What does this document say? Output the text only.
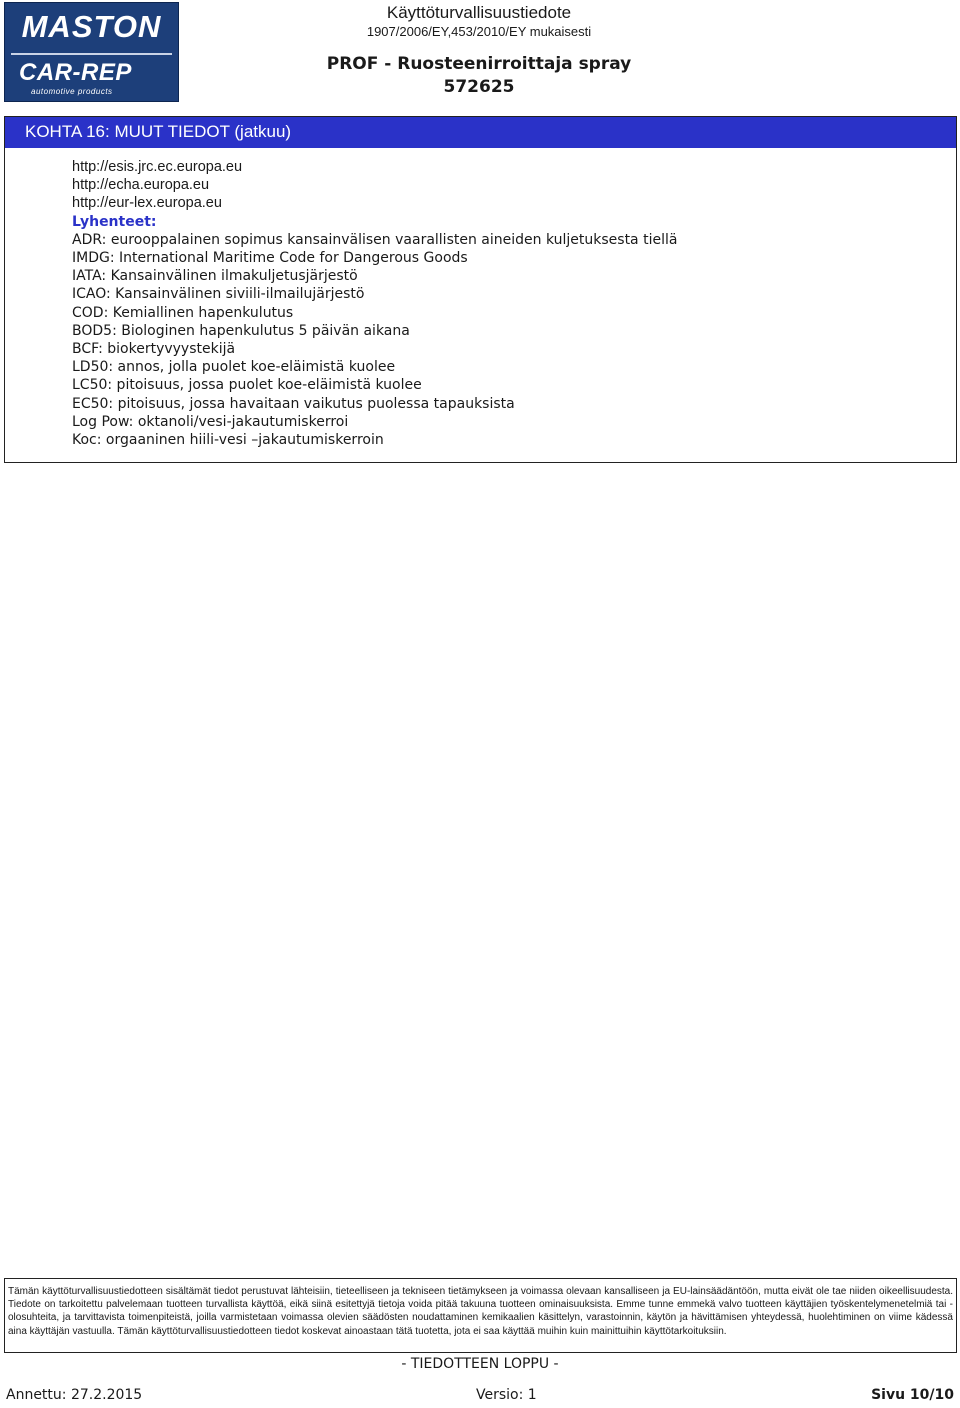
MASTON
CAR-REP
automotive products
Käyttöturvallisuustiedote
1907/2006/EY,453/2010/EY mukaisesti
PROF - Ruosteenirroittaja spray
572625
KOHTA 16: MUUT TIEDOT (jatkuu)
http://esis.jrc.ec.europa.eu
http://echa.europa.eu
http://eur-lex.europa.eu
Lyhenteet:
ADR: eurooppalainen sopimus kansainvälisen vaarallisten aineiden kuljetuksesta tiellä
IMDG: International Maritime Code for Dangerous Goods
IATA: Kansainvälinen ilmakuljetusjärjestö
ICAO: Kansainvälinen siviili-ilmailujärjestö
COD: Kemiallinen hapenkulutus
BOD5: Biologinen hapenkulutus 5 päivän aikana
BCF: biokertyvyystekijä
LD50: annos, jolla puolet koe-eläimistä kuolee
LC50: pitoisuus, jossa puolet koe-eläimistä kuolee
EC50: pitoisuus, jossa havaitaan vaikutus puolessa tapauksista
Log Pow: oktanoli/vesi-jakautumiskerroi
Koc: orgaaninen hiili-vesi –jakautumiskerroin
Tämän käyttöturvallisuustiedotteen sisältämät tiedot perustuvat lähteisiin, tieteelliseen ja tekniseen tietämykseen ja voimassa olevaan kansalliseen ja EU-lainsäädäntöön, mutta eivät ole tae niiden oikeellisuudesta. Tiedote on tarkoitettu palvelemaan tuotteen turvallista käyttöä, eikä siinä esitettyjä tietoja voida pitää takuuna tuotteen ominaisuuksista. Emme tunne emmekä valvo tuotteen käyttäjien työskentelymenetelmiä tai -olosuhteita, ja tarvittavista toimenpiteistä, joilla varmistetaan voimassa olevien säädösten noudattaminen kemikaalien käsittelyn, varastoinnin, käytön ja hävittämisen yhteydessä, huolehtiminen on viime kädessä aina käyttäjän vastuulla. Tämän käyttöturvallisuustiedotteen tiedot koskevat ainoastaan tätä tuotetta, jota ei saa käyttää muihin kuin mainittuihin käyttötarkoituksiin.
- TIEDOTTEEN LOPPU -
Annettu: 27.2.2015	Versio: 1	Sivu 10/10
